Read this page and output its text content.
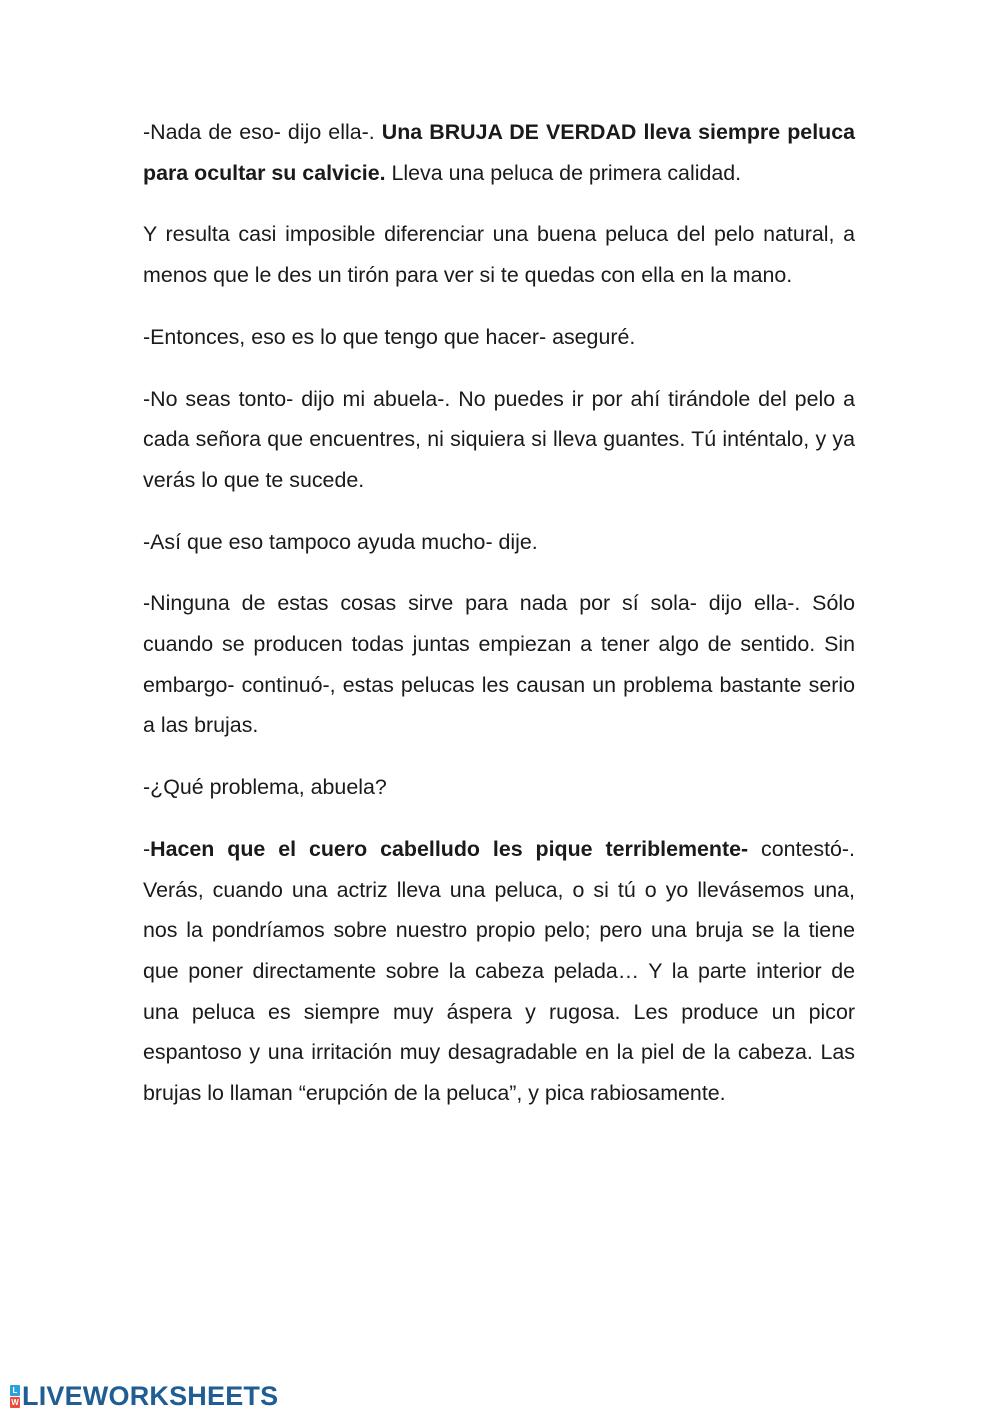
-Nada de eso- dijo ella-. Una BRUJA DE VERDAD lleva siempre peluca para ocultar su calvicie. Lleva una peluca de primera calidad.

Y resulta casi imposible diferenciar una buena peluca del pelo natural, a menos que le des un tirón para ver si te quedas con ella en la mano.

-Entonces, eso es lo que tengo que hacer- aseguré.

-No seas tonto- dijo mi abuela-. No puedes ir por ahí tirándole del pelo a cada señora que encuentres, ni siquiera si lleva guantes. Tú inténtalo, y ya verás lo que te sucede.

-Así que eso tampoco ayuda mucho- dije.

-Ninguna de estas cosas sirve para nada por sí sola- dijo ella-. Sólo cuando se producen todas juntas empiezan a tener algo de sentido. Sin embargo- continuó-, estas pelucas les causan un problema bastante serio a las brujas.

-¿Qué problema, abuela?

-Hacen que el cuero cabelludo les pique terriblemente- contestó-. Verás, cuando una actriz lleva una peluca, o si tú o yo llevásemos una, nos la pondríamos sobre nuestro propio pelo; pero una bruja se la tiene que poner directamente sobre la cabeza pelada… Y la parte interior de una peluca es siempre muy áspera y rugosa. Les produce un picor espantoso y una irritación muy desagradable en la piel de la cabeza. Las brujas lo llaman “erupción de la peluca”, y pica rabiosamente.

L
W LIVEWORKSHEETS
